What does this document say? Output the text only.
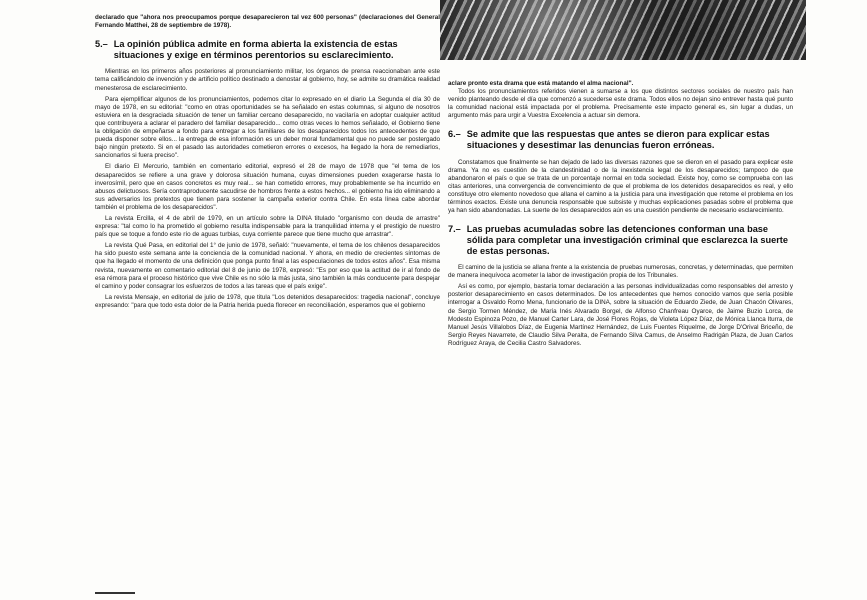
declarado que "ahora nos preocupamos porque desaparecieron tal vez 600 personas" (declaraciones del General Fernando Matthei, 28 de septiembre de 1978).

5.– La opinión pública admite en forma abierta la existencia de estas situaciones y exige en términos perentorios su esclarecimiento.

Mientras en los primeros años posteriores al pronunciamiento militar, los órganos de prensa reaccionaban ante este tema calificándolo de invención y de artificio político destinado a denostar al gobierno, hoy, se admite su dramática realidad menesterosa de esclarecimiento.

Para ejemplificar algunos de los pronunciamientos, podemos citar lo expresado en el diario La Segunda el día 30 de mayo de 1978, en su editorial: "como en otras oportunidades se ha señalado en estas columnas, si alguno de nosotros estuviera en la desgraciada situación de tener un familiar cercano desaparecido, no vacilaría en adoptar cualquier actitud que contribuyera a aclarar el paradero del familiar desaparecido... como otras veces lo hemos señalado, el Gobierno tiene la obligación de empeñarse a fondo para entregar a los familiares de los desaparecidos todos los antecedentes de que pueda disponer sobre ellos... la entrega de esa información es un deber moral fundamental que no puede ser postergado bajo ningún pretexto. Si en el pasado las autoridades cometieron errores o excesos, ha llegado la hora de remediarlos, sancionarlos si fuera preciso".

El diario El Mercurio, también en comentario editorial, expresó el 28 de mayo de 1978 que "el tema de los desaparecidos se refiere a una grave y dolorosa situación humana, cuyas dimensiones pueden exagerarse hasta lo inverosímil, pero que en casos concretos es muy real... se han cometido errores, muy probablemente se ha incurrido en abusos delictuosos. Sería contraproducente sacudirse de hombros frente a estos hechos... el gobierno ha ido eliminando a sus adversarios los pretextos que tienen para sostener la campaña exterior contra Chile. En esta línea cabe abordar también el problema de los desaparecidos".

La revista Ercilla, el 4 de abril de 1979, en un artículo sobre la DINA titulado "organismo con deuda de arrastre" expresa: "tal como lo ha prometido el gobierno resulta indispensable para la tranquilidad interna y el prestigio de nuestro país que se toque a fondo este río de aguas turbias, cuya corriente parece que tiene mucho que arrastrar".

La revista Qué Pasa, en editorial del 1° de junio de 1978, señaló: "nuevamente, el tema de los chilenos desaparecidos ha sido puesto este semana ante la conciencia de la comunidad nacional. Y ahora, en medio de crecientes síntomas de que ha llegado el momento de una definición que ponga punto final a las especulaciones de todos estos años". Esa misma revista, nuevamente en comentario editorial del 8 de junio de 1978, expresó: "Es por eso que la actitud de ir al fondo de esa rémora para el proceso histórico que vive Chile es no sólo la más justa, sino también la más conducente para despejar el camino y poder consagrar los esfuerzos de todos a las tareas que el país exige".

La revista Mensaje, en editorial de julio de 1978, que titula "Los detenidos desaparecidos: tragedia nacional", concluye expresando: "para que todo esta dolor de la Patria herida pueda florecer en reconciliación, esperamos que el gobierno

aclare pronto esta drama que está matando el alma nacional".

Todos los pronunciamientos referidos vienen a sumarse a los que distintos sectores sociales de nuestro país han venido planteando desde el día que comenzó a sucederse este drama. Todos ellos no dejan sino entrever hasta qué punto la comunidad nacional está impactada por el problema. Precisamente este impacto general es, sin lugar a dudas, un argumento más para urgir a Vuestra Excelencia a actuar sin demora.

6.– Se admite que las respuestas que antes se dieron para explicar estas situaciones y desestimar las denuncias fueron erróneas.

Constatamos que finalmente se han dejado de lado las diversas razones que se dieron en el pasado para explicar este drama. Ya no es cuestión de la clandestinidad o de la inexistencia legal de los desaparecidos; tampoco de que abandonaron el país o que se trata de un porcentaje normal en toda sociedad. Existe hoy, como se comprueba con las citas anteriores, una convergencia de convencimiento de que el problema de los detenidos desaparecidos es real, y ello constituye otro elemento novedoso que allana el camino a la justicia para una investigación que retome el problema en los términos exactos. Existe una denuncia responsable que subsiste y muchas explicaciones pasadas sobre el problema que ya han sido abandonadas. La suerte de los desaparecidos aún es una cuestión pendiente de necesario esclarecimiento.

7.– Las pruebas acumuladas sobre las detenciones conforman una base sólida para completar una investigación criminal que esclarezca la suerte de estas personas.

El camino de la justicia se allana frente a la existencia de pruebas numerosas, concretas, y determinadas, que permiten de manera inequívoca acometer la labor de investigación propia de los Tribunales.

Así es como, por ejemplo, bastaría tomar declaración a las personas individualizadas como responsables del arresto y posterior desaparecimiento en casos determinados. De los antecedentes que hemos conocido vamos que sería posible interrogar a Osvaldo Romo Mena, funcionario de la DINA, sobre la situación de Eduardo Ziede, de Juan Chacón Olivares, de Sergio Tormen Méndez, de María Inés Alvarado Borgel, de Alfonso Chanfreau Oyarce, de Jaime Buzio Lorca, de Modesto Espinoza Pozo, de Manuel Carter Lara, de José Flores Rojas, de Violeta López Díaz, de Mónica Llanca Iturra, de Manuel Jesús Villalobos Díaz, de Eugenia Martínez Hernández, de Luis Fuentes Riquelme, de Jorge D'Orival Briceño, de Sergio Reyes Navarrete, de Claudio Silva Peralta, de Fernando Silva Camus, de Anselmo Radrigán Plaza, de Juan Carlos Rodríguez Araya, de Cecilia Castro Salvadores.
